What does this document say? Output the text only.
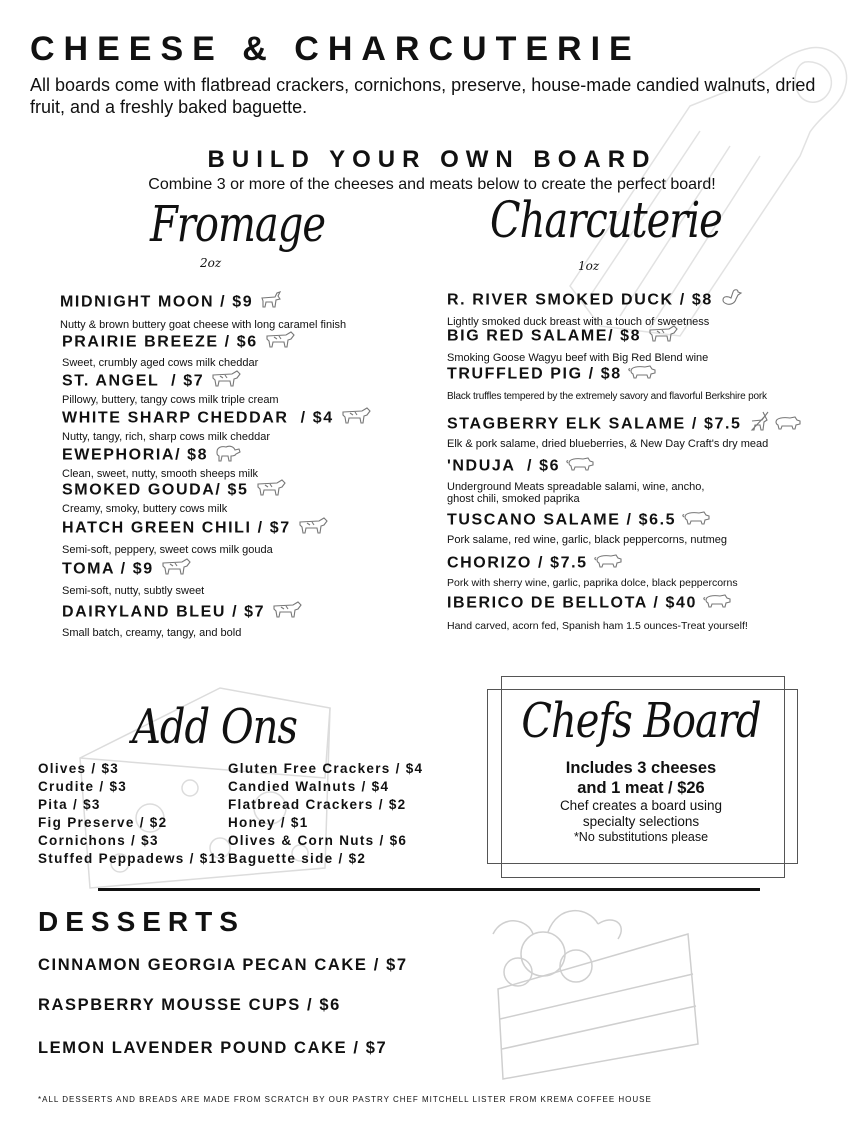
CHEESE & CHARCUTERIE
All boards come with flatbread crackers, cornichons, preserve, house-made candied walnuts, dried fruit, and a freshly baked baguette.
BUILD YOUR OWN BOARD
Combine 3 or more of the cheeses and meats below to create the perfect board!
Fromage
2oz
Charcuterie
1oz
MIDNIGHT MOON / $9
Nutty & brown buttery goat cheese with long caramel finish
PRAIRIE BREEZE / $6
Sweet, crumbly aged cows milk cheddar
ST. ANGEL  / $7
Pillowy, buttery, tangy cows milk triple cream
WHITE SHARP CHEDDAR  / $4
Nutty, tangy, rich, sharp cows milk cheddar
EWEPHORIA/ $8
Clean, sweet, nutty, smooth sheeps milk
SMOKED GOUDA/ $5
Creamy, smoky, buttery cows milk
HATCH GREEN CHILI / $7
Semi-soft, peppery, sweet cows milk gouda
TOMA / $9
Semi-soft, nutty, subtly sweet
DAIRYLAND BLEU / $7
Small batch, creamy, tangy, and bold
R. RIVER SMOKED DUCK / $8
Lightly smoked duck breast with a touch of sweetness
BIG RED SALAME/ $8
Smoking Goose Wagyu beef with Big Red Blend wine
TRUFFLED PIG / $8
Black truffles tempered by the extremely savory and flavorful Berkshire pork
STAGBERRY ELK SALAME / $7.5
Elk & pork salame, dried blueberries, & New Day Craft's dry mead
'NDUJA  / $6
Underground Meats spreadable salami, wine, ancho,
ghost chili, smoked paprika
TUSCANO SALAME / $6.5
Pork salame, red wine, garlic, black peppercorns, nutmeg
CHORIZO / $7.5
Pork with sherry wine, garlic, paprika dolce, black peppercorns
IBERICO DE BELLOTA / $40
Hand carved, acorn fed, Spanish ham 1.5 ounces-Treat yourself!
Add Ons
Olives / $3
Crudite / $3
Pita / $3
Fig Preserve / $2
Cornichons / $3
Stuffed Peppadews / $13
Gluten Free Crackers / $4
Candied Walnuts / $4
Flatbread Crackers / $2
Honey / $1
Olives & Corn Nuts / $6
Baguette side / $2
Chefs Board
Includes 3 cheeses
and 1 meat / $26
Chef creates a board using
specialty selections
*No substitutions please
DESSERTS
CINNAMON GEORGIA PECAN CAKE / $7
RASPBERRY MOUSSE CUPS / $6
LEMON LAVENDER POUND CAKE / $7
*ALL DESSERTS AND BREADS ARE MADE FROM SCRATCH BY OUR PASTRY CHEF MITCHELL LISTER FROM KREMA COFFEE HOUSE
